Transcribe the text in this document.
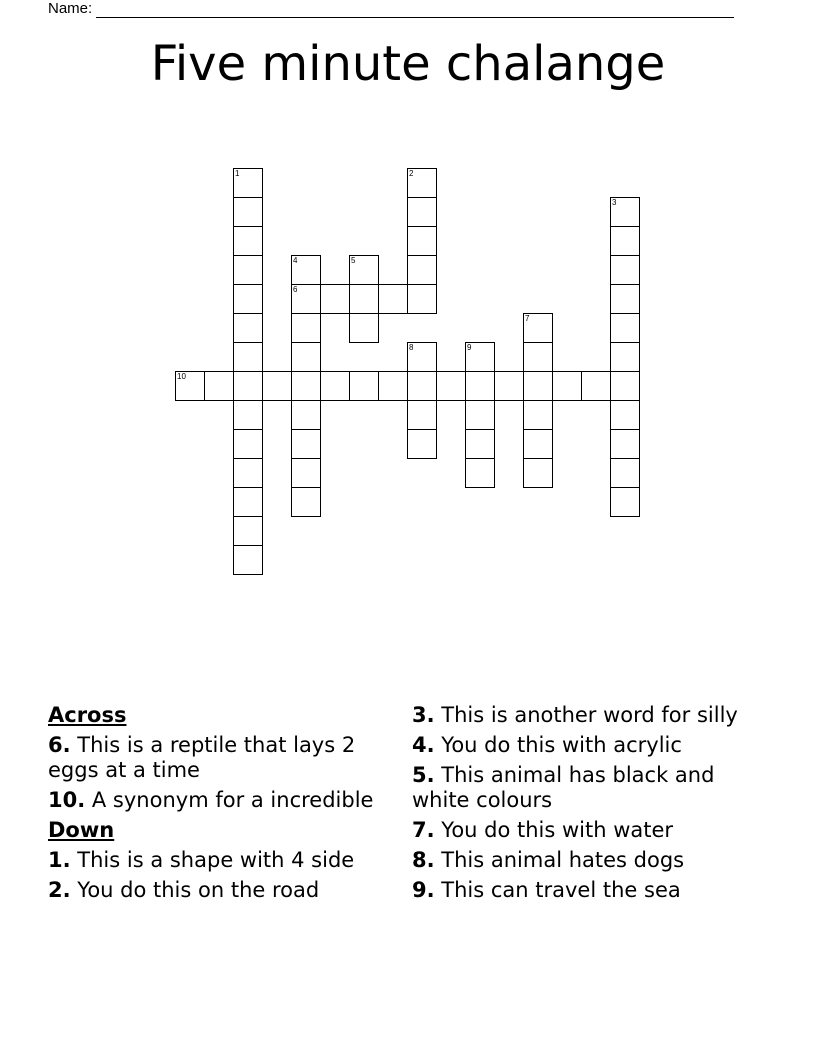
Name:
Five minute chalange
10
6
1	2
3
4	5
7
8	9
Across
6. This is a reptile that lays 2 eggs at a time
10. A synonym for a incredible
Down
1. This is a shape with 4 side
2. You do this on the road
3. This is another word for silly
4. You do this with acrylic
5. This animal has black and white colours
7. You do this with water
8. This animal hates dogs
9. This can travel the sea
